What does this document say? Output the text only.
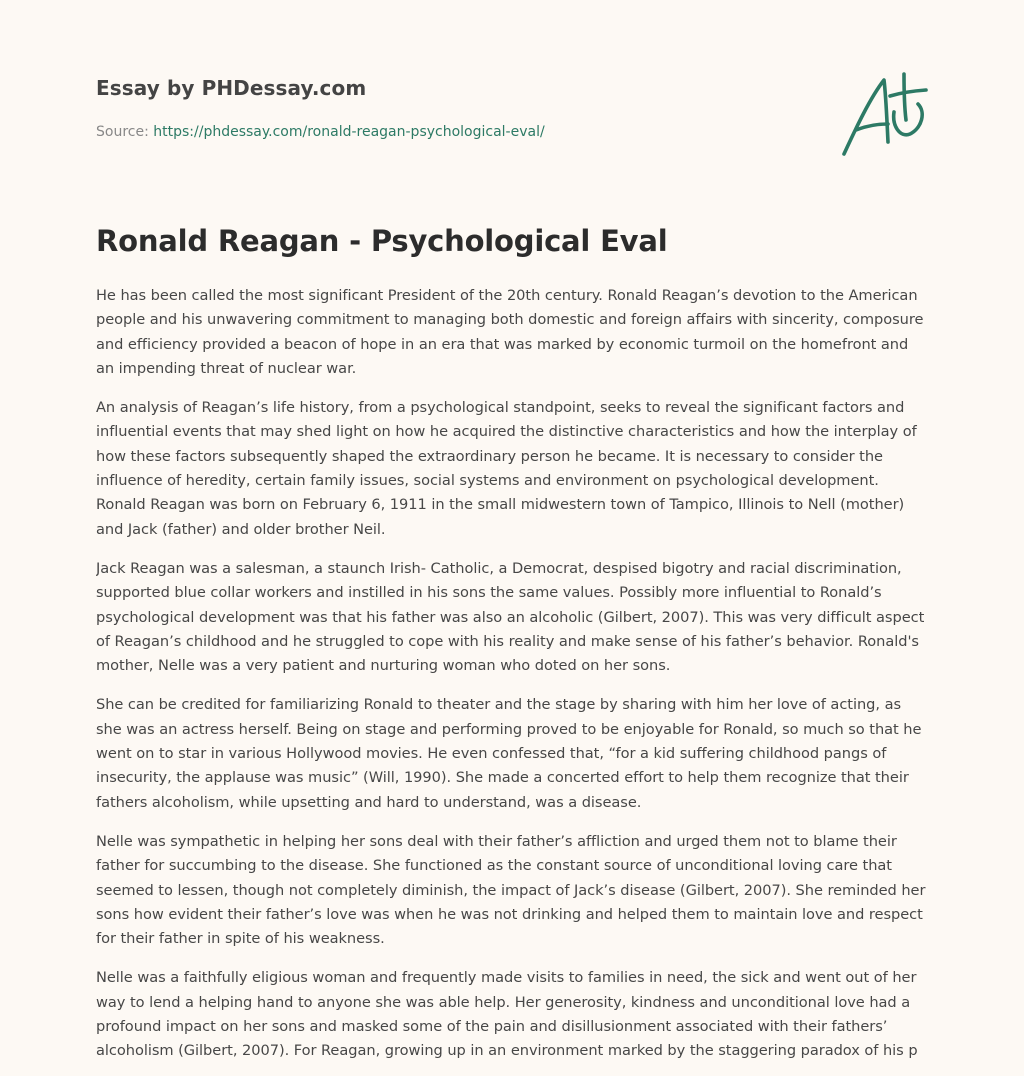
Essay by PHDessay.com
Source: https://phdessay.com/ronald-reagan-psychological-eval/
Ronald Reagan - Psychological Eval

He has been called the most significant President of the 20th century. Ronald Reagan’s devotion to the American people and his unwavering commitment to managing both domestic and foreign affairs with sincerity, composure and efficiency provided a beacon of hope in an era that was marked by economic turmoil on the homefront and an impending threat of nuclear war.

An analysis of Reagan’s life history, from a psychological standpoint, seeks to reveal the significant factors and influential events that may shed light on how he acquired the distinctive characteristics and how the interplay of how these factors subsequently shaped the extraordinary person he became. It is necessary to consider the influence of heredity, certain family issues, social systems and environment on psychological development. Ronald Reagan was born on February 6, 1911 in the small midwestern town of Tampico, Illinois to Nell (mother) and Jack (father) and older brother Neil.

Jack Reagan was a salesman, a staunch Irish- Catholic, a Democrat, despised bigotry and racial discrimination, supported blue collar workers and instilled in his sons the same values. Possibly more influential to Ronald’s psychological development was that his father was also an alcoholic (Gilbert, 2007). This was very difficult aspect of Reagan’s childhood and he struggled to cope with his reality and make sense of his father’s behavior. Ronald's mother, Nelle was a very patient and nurturing woman who doted on her sons.

She can be credited for familiarizing Ronald to theater and the stage by sharing with him her love of acting, as she was an actress herself. Being on stage and performing proved to be enjoyable for Ronald, so much so that he went on to star in various Hollywood movies. He even confessed that, “for a kid suffering childhood pangs of insecurity, the applause was music” (Will, 1990). She made a concerted effort to help them recognize that their fathers alcoholism, while upsetting and hard to understand, was a disease.

Nelle was sympathetic in helping her sons deal with their father’s affliction and urged them not to blame their father for succumbing to the disease. She functioned as the constant source of unconditional loving care that seemed to lessen, though not completely diminish, the impact of Jack’s disease (Gilbert, 2007). She reminded her sons how evident their father’s love was when he was not drinking and helped them to maintain love and respect for their father in spite of his weakness.

Nelle was a faithfully eligious woman and frequently made visits to families in need, the sick and went out of her way to lend a helping hand to anyone she was able help. Her generosity, kindness and unconditional love had a profound impact on her sons and masked some of the pain and disillusionment associated with their fathers’ alcoholism (Gilbert, 2007). For Reagan, growing up in an environment marked by the staggering paradox of his p
